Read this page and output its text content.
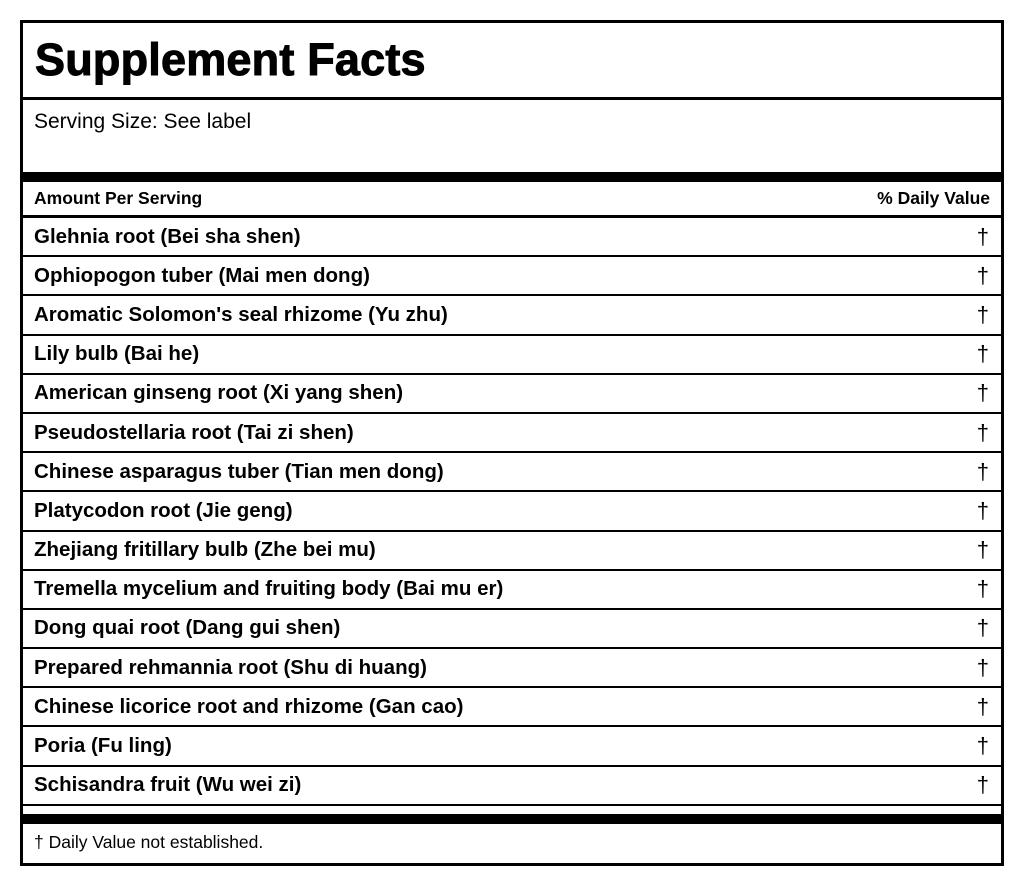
Supplement Facts
Serving Size: See label
Amount Per Serving	% Daily Value
Glehnia root (Bei sha shen)	†
Ophiopogon tuber (Mai men dong)	†
Aromatic Solomon's seal rhizome (Yu zhu)	†
Lily bulb (Bai he)	†
American ginseng root (Xi yang shen)	†
Pseudostellaria root (Tai zi shen)	†
Chinese asparagus tuber (Tian men dong)	†
Platycodon root (Jie geng)	†
Zhejiang fritillary bulb (Zhe bei mu)	†
Tremella mycelium and fruiting body (Bai mu er)	†
Dong quai root (Dang gui shen)	†
Prepared rehmannia root (Shu di huang)	†
Chinese licorice root and rhizome (Gan cao)	†
Poria (Fu ling)	†
Schisandra fruit (Wu wei zi)	†
† Daily Value not established.
